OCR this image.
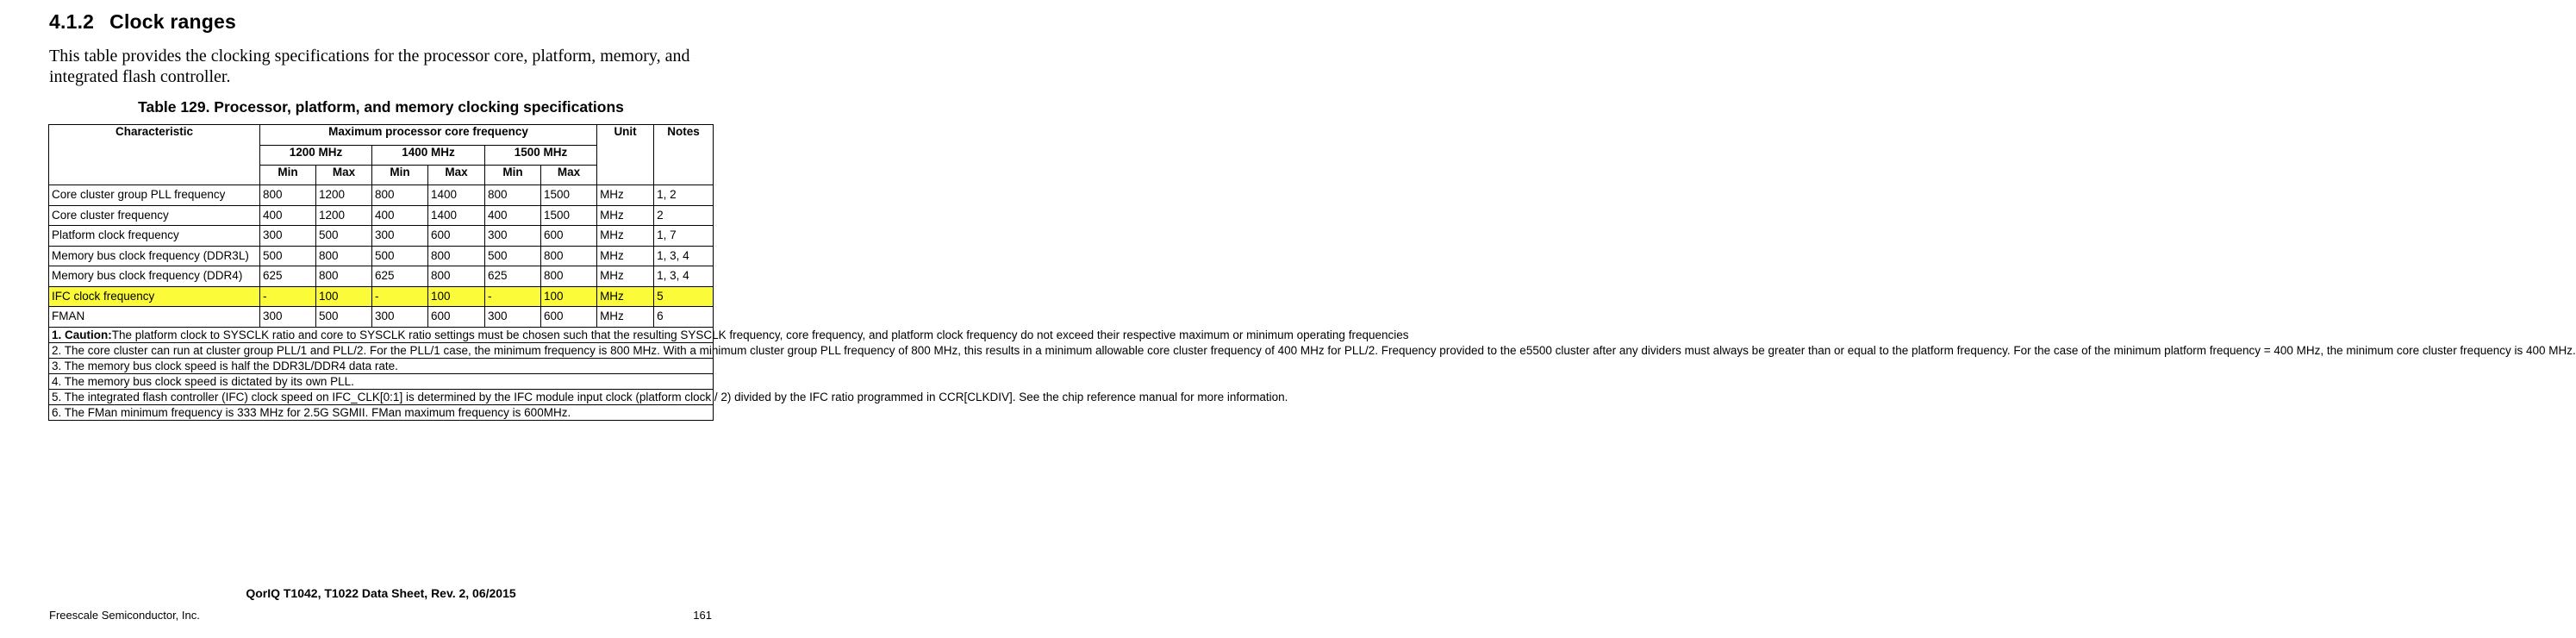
4.1.2 Clock ranges
This table provides the clocking specifications for the processor core, platform, memory, and integrated flash controller.
Table 129. Processor, platform, and memory clocking specifications
Characteristic	Maximum processor core frequency						Unit	Notes
	1200 MHz		1400 MHz		1500 MHz			
	Min	Max	Min	Max	Min	Max		
Core cluster group PLL frequency	800	1200	800	1400	800	1500	MHz	1, 2
Core cluster frequency	400	1200	400	1400	400	1500	MHz	2
Platform clock frequency	300	500	300	600	300	600	MHz	1, 7
Memory bus clock frequency (DDR3L)	500	800	500	800	500	800	MHz	1, 3, 4
Memory bus clock frequency (DDR4)	625	800	625	800	625	800	MHz	1, 3, 4
IFC clock frequency	-	100	-	100	-	100	MHz	5
FMAN	300	500	300	600	300	600	MHz	6
1. Caution:The platform clock to SYSCLK ratio and core to SYSCLK ratio settings must be chosen such that the resulting SYSCLK frequency, core frequency, and platform clock frequency do not exceed their respective maximum or minimum operating frequencies								
2. The core cluster can run at cluster group PLL/1 and PLL/2. For the PLL/1 case, the minimum frequency is 800 MHz. With a minimum cluster group PLL frequency of 800 MHz, this results in a minimum allowable core cluster frequency of 400 MHz for PLL/2. Frequency provided to the e5500 cluster after any dividers must always be greater than or equal to the platform frequency. For the case of the minimum platform frequency = 400 MHz, the minimum core cluster frequency is 400 MHz.								
3. The memory bus clock speed is half the DDR3L/DDR4 data rate.								
4. The memory bus clock speed is dictated by its own PLL.								
5. The integrated flash controller (IFC) clock speed on IFC_CLK[0:1] is determined by the IFC module input clock (platform clock / 2) divided by the IFC ratio programmed in CCR[CLKDIV]. See the chip reference manual for more information.								
6. The FMan minimum frequency is 333 MHz for 2.5G SGMII. FMan maximum frequency is 600MHz.								
QorIQ T1042, T1022 Data Sheet, Rev. 2, 06/2015
Freescale Semiconductor, Inc.	161
